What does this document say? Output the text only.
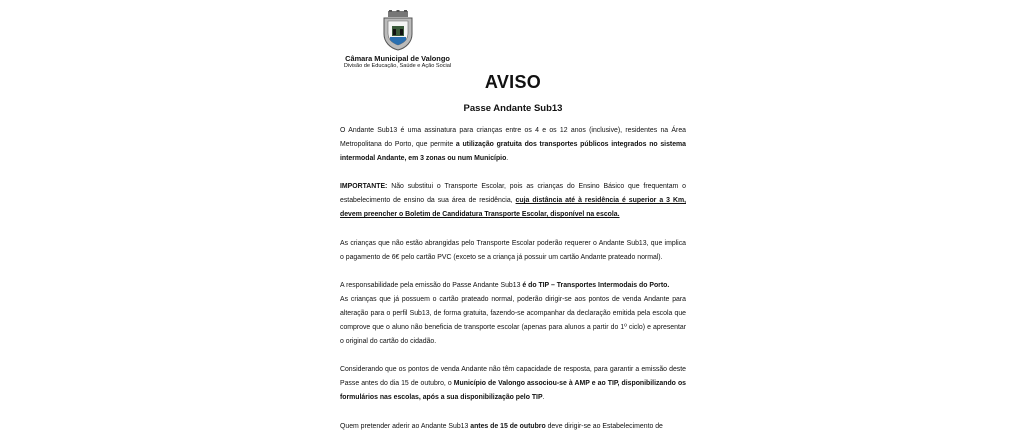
Câmara Municipal de Valongo
Divisão de Educação, Saúde e Ação Social
AVISO
Passe Andante Sub13

O Andante Sub13 é uma assinatura para crianças entre os 4 e os 12 anos (inclusive), residentes na Área Metropolitana do Porto, que permite a utilização gratuita dos transportes públicos integrados no sistema intermodal Andante, em 3 zonas ou num Município.

IMPORTANTE: Não substitui o Transporte Escolar, pois as crianças do Ensino Básico que frequentam o estabelecimento de ensino da sua área de residência, cuja distância até à residência é superior a 3 Km, devem preencher o Boletim de Candidatura Transporte Escolar, disponível na escola.

As crianças que não estão abrangidas pelo Transporte Escolar poderão requerer o Andante Sub13, que implica o pagamento de 6€ pelo cartão PVC (exceto se a criança já possuir um cartão Andante prateado normal).

A responsabilidade pela emissão do Passe Andante Sub13 é do TIP – Transportes Intermodais do Porto.

As crianças que já possuem o cartão prateado normal, poderão dirigir-se aos pontos de venda Andante para alteração para o perfil Sub13, de forma gratuita, fazendo-se acompanhar da declaração emitida pela escola que comprove que o aluno não beneficia de transporte escolar (apenas para alunos a partir do 1º ciclo) e apresentar o original do cartão do cidadão.

Considerando que os pontos de venda Andante não têm capacidade de resposta, para garantir a emissão deste Passe antes do dia 15 de outubro, o Município de Valongo associou-se à AMP e ao TIP, disponibilizando os formulários nas escolas, após a sua disponibilização pelo TIP.

Quem pretender aderir ao Andante Sub13 antes de 15 de outubro deve dirigir-se ao Estabelecimento de
